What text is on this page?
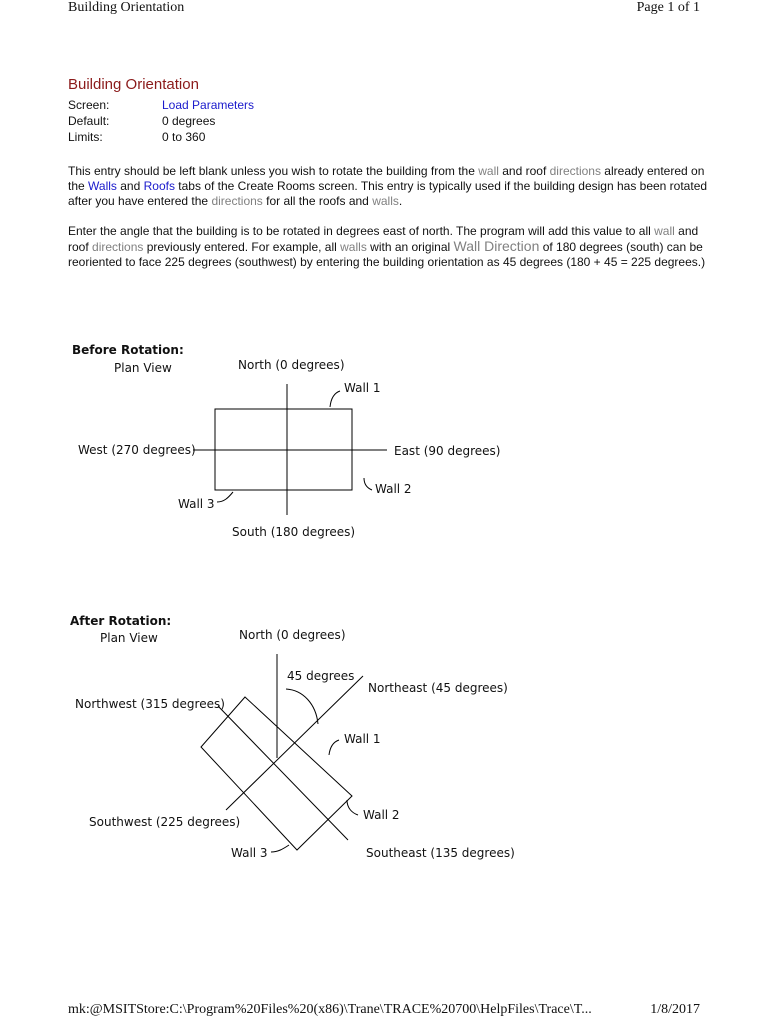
Building Orientation	Page 1 of 1
Building Orientation
Screen:	Load Parameters
Default:	0 degrees
Limits:	0 to 360
This entry should be left blank unless you wish to rotate the building from the wall and roof directions already entered on the Walls and Roofs tabs of the Create Rooms screen. This entry is typically used if the building design has been rotated after you have entered the directions for all the roofs and walls.
Enter the angle that the building is to be rotated in degrees east of north. The program will add this value to all wall and roof directions previously entered. For example, all walls with an original Wall Direction of 180 degrees (south) can be reoriented to face 225 degrees (southwest) by entering the building orientation as 45 degrees (180 + 45 = 225 degrees.)
Before Rotation:
Plan View	North (0 degrees)
East (90 degrees)
West (270 degrees)
South (180 degrees)
Wall 1
Wall 2
Wall 3
After Rotation:
Plan View	North (0 degrees)
45 degrees
Northeast (45 degrees)
Northwest (315 degrees)
Southwest (225 degrees)
Southeast (135 degrees)
Wall 1
Wall 2
Wall 3
mk:@MSITStore:C:\Program%20Files%20(x86)\Trane\TRACE%20700\HelpFiles\Trace\T...	1/8/2017
